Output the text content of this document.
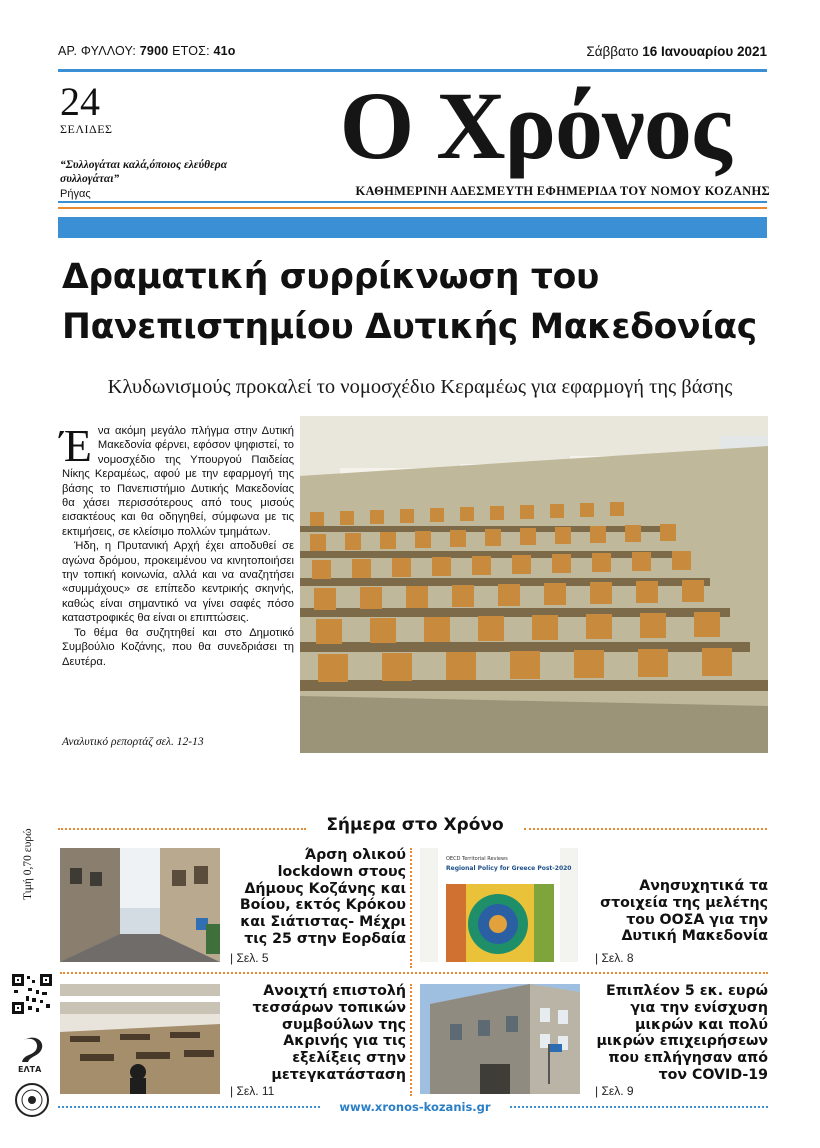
ΑΡ. ΦΥΛΛΟΥ: 7900 ΕΤΟΣ: 41ο	Σάββατο 16 Ιανουαρίου 2021
24
ΣΕΛΙΔΕΣ
“Συλλογάται καλά,όποιος ελεύθερα συλλογάται”
Ρήγας
Ο Χρόνος
ΚΑΘΗΜΕΡΙΝΗ ΑΔΕΣΜΕΥΤΗ ΕΦΗΜΕΡΙΔΑ ΤΟΥ ΝΟΜΟΥ ΚΟΖΑΝΗΣ
Δραματική συρρίκνωση του
Πανεπιστημίου Δυτικής Μακεδονίας
Κλυδωνισμούς προκαλεί το νομοσχέδιο Κεραμέως για εφαρμογή της βάσης

Ένα ακόμη μεγάλο πλήγμα στην Δυτική Μακεδονία φέρνει, εφόσον ψηφιστεί, το νομοσχέδιο της Υπουργού Παιδείας Νίκης Κεραμέως, αφού με την εφαρμογή της βάσης το Πανεπιστήμιο Δυτικής Μακεδονίας θα χάσει περισσότερους από τους μισούς εισακτέους και θα οδηγηθεί, σύμφωνα με τις εκτιμήσεις, σε κλείσιμο πολλών τμημάτων.

Ήδη, η Πρυτανική Αρχή έχει αποδυθεί σε αγώνα δρόμου, προκειμένου να κινητοποιήσει την τοπική κοινωνία, αλλά και να αναζητήσει «συμμάχους» σε επίπεδο κεντρικής σκηνής, καθώς είναι σημαντικό να γίνει σαφές πόσο καταστροφικές θα είναι οι επιπτώσεις.

Το θέμα θα συζητηθεί και στο Δημοτικό Συμβούλιο Κοζάνης, που θα συνεδριάσει τη Δευτέρα.

Αναλυτικό ρεπορτάζ σελ. 12-13
Σήμερα στο Χρόνο
Άρση ολικού lockdown στους Δήμους Κοζάνης και Βοίου, εκτός Κρόκου και Σιάτιστας- Μέχρι τις 25 στην Εορδαία
| Σελ. 5
OECD Territorial Reviews
Regional Policy for Greece Post-2020
Ανησυχητικά τα στοιχεία της μελέτης του ΟΟΣΑ για την Δυτική Μακεδονία
| Σελ. 8
Ανοιχτή επιστολή τεσσάρων τοπικών συμβούλων της Ακρινής για τις εξελίξεις στην μετεγκατάσταση
| Σελ. 11
Επιπλέον 5 εκ. ευρώ για την ενίσχυση μικρών και πολύ μικρών επιχειρήσεων που επλήγησαν από τον COVID-19
| Σελ. 9
Τιμή 0,70 ευρώ
ΕΛΤΑ
www.xronos-kozanis.gr
